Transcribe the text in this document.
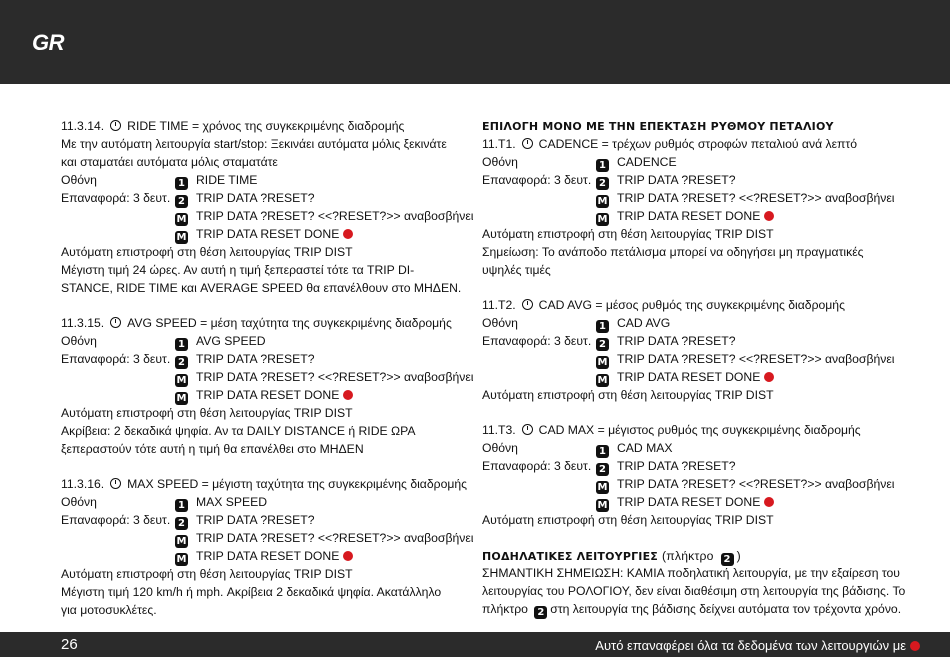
GR
11.3.14. RIDE TIME = χρόνος της συγκεκριμένης διαδρομής
Με την αυτόματη λειτουργία start/stop: Ξεκινάει αυτόματα μόλις ξεκινάτε
και σταματάει αυτόματα μόλις σταματάτε
Οθόνη	1 RIDE TIME
Επαναφορά: 3 δευτ. 2 TRIP DATA ?RESET?
M TRIP DATA ?RESET? <<?RESET?>> αναβοσβήνει
M TRIP DATA RESET DONE
Αυτόματη επιστροφή στη θέση λειτουργίας TRIP DIST
Μέγιστη τιμή 24 ώρες. Αν αυτή η τιμή ξεπεραστεί τότε τα TRIP DI-
STANCE, RIDE TIME και AVERAGE SPEED θα επανέλθουν στο ΜΗΔΕΝ.
11.3.15. AVG SPEED = μέση ταχύτητα της συγκεκριμένης διαδρομής
Οθόνη	1 AVG SPEED
Επαναφορά: 3 δευτ. 2 TRIP DATA ?RESET?
M TRIP DATA ?RESET? <<?RESET?>> αναβοσβήνει
M TRIP DATA RESET DONE
Αυτόματη επιστροφή στη θέση λειτουργίας TRIP DIST
Ακρίβεια: 2 δεκαδικά ψηφία. Αν τα DAILY DISTANCE ή RIDE ΩΡΑ
ξεπεραστούν τότε αυτή η τιμή θα επανέλθει στο ΜΗΔΕΝ
11.3.16. MAX SPEED = μέγιστη ταχύτητα της συγκεκριμένης διαδρομής
Οθόνη	1 MAX SPEED
Επαναφορά: 3 δευτ. 2 TRIP DATA ?RESET?
M TRIP DATA ?RESET? <<?RESET?>> αναβοσβήνει
M TRIP DATA RESET DONE
Αυτόματη επιστροφή στη θέση λειτουργίας TRIP DIST
Μέγιστη τιμή 120 km/h ή mph. Ακρίβεια 2 δεκαδικά ψηφία. Ακατάλληλο
για μοτοσυκλέτες.
ΕΠΙΛΟΓΗ ΜΟΝΟ ΜΕ ΤΗΝ ΕΠΕΚΤΑΣΗ ΡΥΘΜΟΥ ΠΕΤΑΛΙΟΥ
11.T1. CADENCE = τρέχων ρυθμός στροφών πεταλιού ανά λεπτό
Οθόνη	1 CADENCE
Επαναφορά: 3 δευτ. 2 TRIP DATA ?RESET?
M TRIP DATA ?RESET? <<?RESET?>> αναβοσβήνει
M TRIP DATA RESET DONE
Αυτόματη επιστροφή στη θέση λειτουργίας TRIP DIST
Σημείωση: Το ανάποδο πετάλισμα μπορεί να οδηγήσει μη πραγματικές
υψηλές τιμές
11.T2. CAD AVG = μέσος ρυθμός της συγκεκριμένης διαδρομής
Οθόνη	1 CAD AVG
Επαναφορά: 3 δευτ. 2 TRIP DATA ?RESET?
M TRIP DATA ?RESET? <<?RESET?>> αναβοσβήνει
M TRIP DATA RESET DONE
Αυτόματη επιστροφή στη θέση λειτουργίας TRIP DIST
11.T3. CAD MAX = μέγιστος ρυθμός της συγκεκριμένης διαδρομής
Οθόνη	1 CAD MAX
Επαναφορά: 3 δευτ. 2 TRIP DATA ?RESET?
M TRIP DATA ?RESET? <<?RESET?>> αναβοσβήνει
M TRIP DATA RESET DONE
Αυτόματη επιστροφή στη θέση λειτουργίας TRIP DIST
ΠΟΔΗΛΑΤΙΚΕΣ ΛΕΙΤΟΥΡΓΙΕΣ (πλήκτρο 2 )
ΣΗΜΑΝΤΙΚΗ ΣΗΜΕΙΩΣΗ: ΚΑΜΙΑ ποδηλατική λειτουργία, με την εξαίρεση του
λειτουργίας του ΡΟΛΟΓΙΟΥ, δεν είναι διαθέσιμη στη λειτουργία της βάδισης. Το
πλήκτρο 2 στη λειτουργία της βάδισης δείχνει αυτόματα τον τρέχοντα χρόνο.
26	Αυτό επαναφέρει όλα τα δεδομένα των λειτουργιών με
